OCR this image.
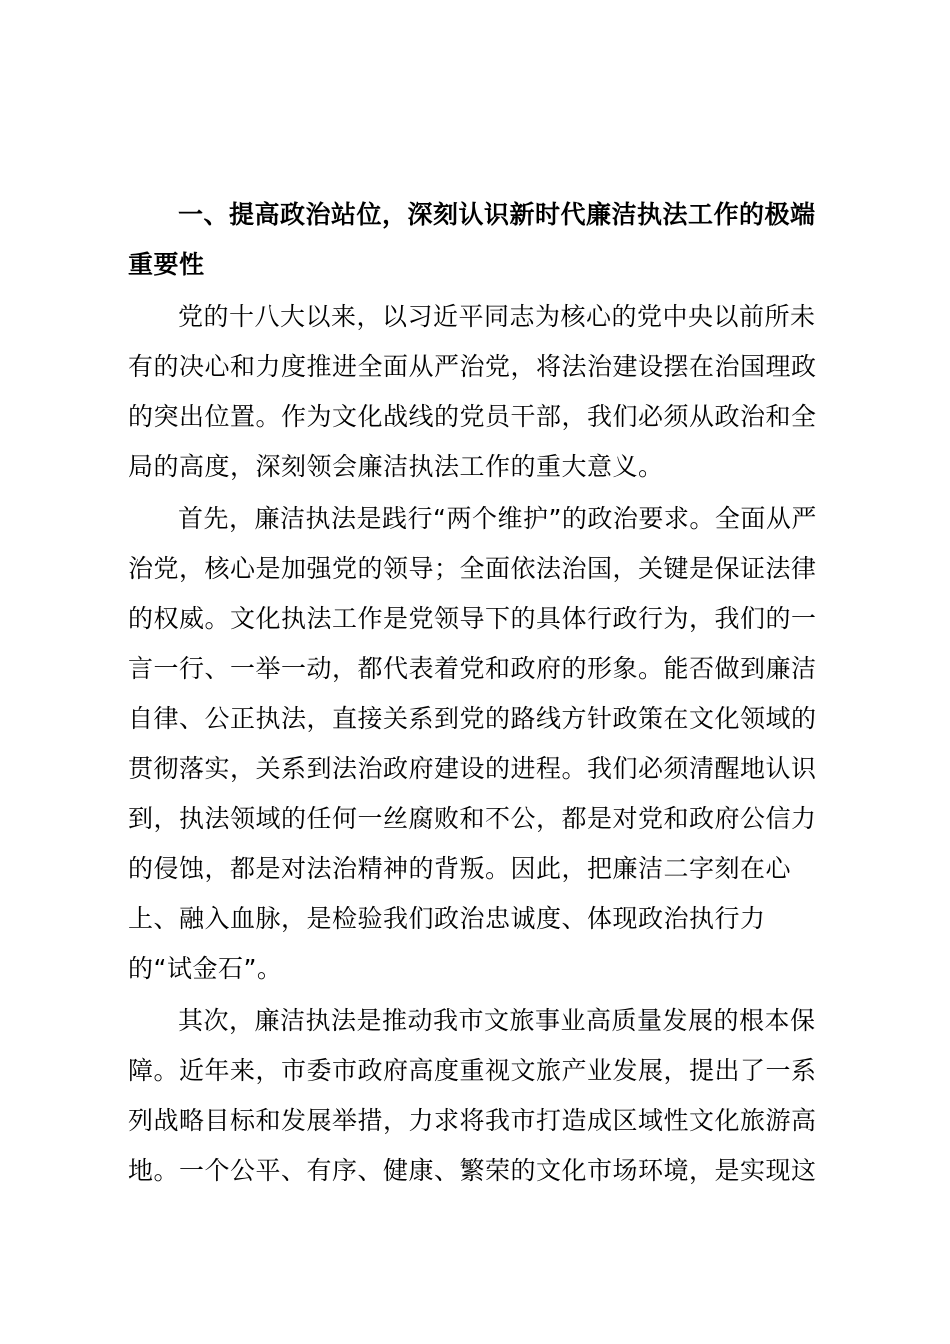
一、提高政治站位，深刻认识新时代廉洁执法工作的极端重要性

党的十八大以来，以习近平同志为核心的党中央以前所未有的决心和力度推进全面从严治党，将法治建设摆在治国理政的突出位置。作为文化战线的党员干部，我们必须从政治和全局的高度，深刻领会廉洁执法工作的重大意义。

首先，廉洁执法是践行“两个维护”的政治要求。全面从严治党，核心是加强党的领导；全面依法治国，关键是保证法律的权威。文化执法工作是党领导下的具体行政行为，我们的一言一行、一举一动，都代表着党和政府的形象。能否做到廉洁自律、公正执法，直接关系到党的路线方针政策在文化领域的贯彻落实，关系到法治政府建设的进程。我们必须清醒地认识到，执法领域的任何一丝腐败和不公，都是对党和政府公信力的侵蚀，都是对法治精神的背叛。因此，把廉洁二字刻在心上、融入血脉，是检验我们政治忠诚度、体现政治执行力的“试金石”。

其次，廉洁执法是推动我市文旅事业高质量发展的根本保障。近年来，市委市政府高度重视文旅产业发展，提出了一系列战略目标和发展举措，力求将我市打造成区域性文化旅游高地。一个公平、有序、健康、繁荣的文化市场环境，是实现这
